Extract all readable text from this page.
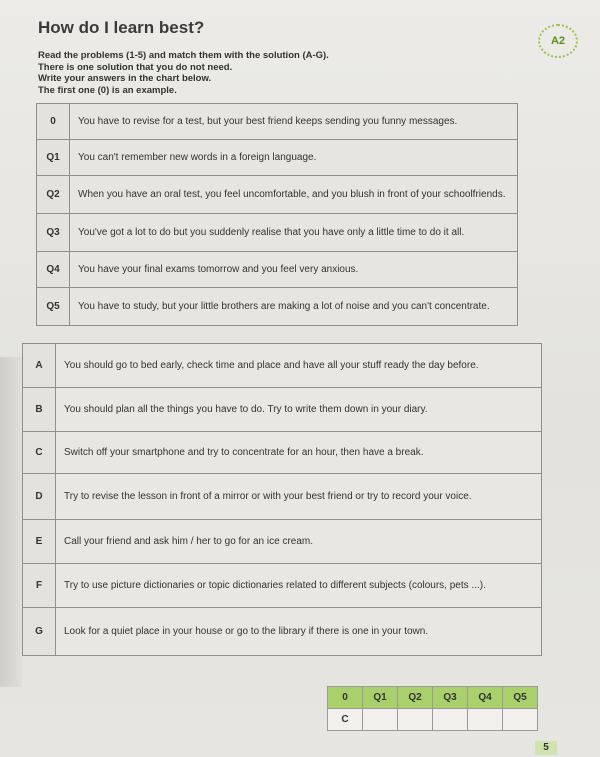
How do I learn best?
A2
Read the problems (1-5) and match them with the solution (A-G).
There is one solution that you do not need.
Write your answers in the chart below.
The first one (0) is an example.
0	You have to revise for a test, but your best friend keeps sending you funny messages.
Q1	You can't remember new words in a foreign language.
Q2	When you have an oral test, you feel uncomfortable, and you blush in front of your schoolfriends.
Q3	You've got a lot to do but you suddenly realise that you have only a little time to do it all.
Q4	You have your final exams tomorrow and you feel very anxious.
Q5	You have to study, but your little brothers are making a lot of noise and you can't concentrate.
A	You should go to bed early, check time and place and have all your stuff ready the day before.
B	You should plan all the things you have to do. Try to write them down in your diary.
C	Switch off your smartphone and try to concentrate for an hour, then have a break.
D	Try to revise the lesson in front of a mirror or with your best friend or try to record your voice.
E	Call your friend and ask him / her to go for an ice cream.
F	Try to use picture dictionaries or topic dictionaries related to different subjects (colours, pets ...).
G	Look for a quiet place in your house or go to the library if there is one in your town.
0	Q1	Q2	Q3	Q4	Q5
C					
5
